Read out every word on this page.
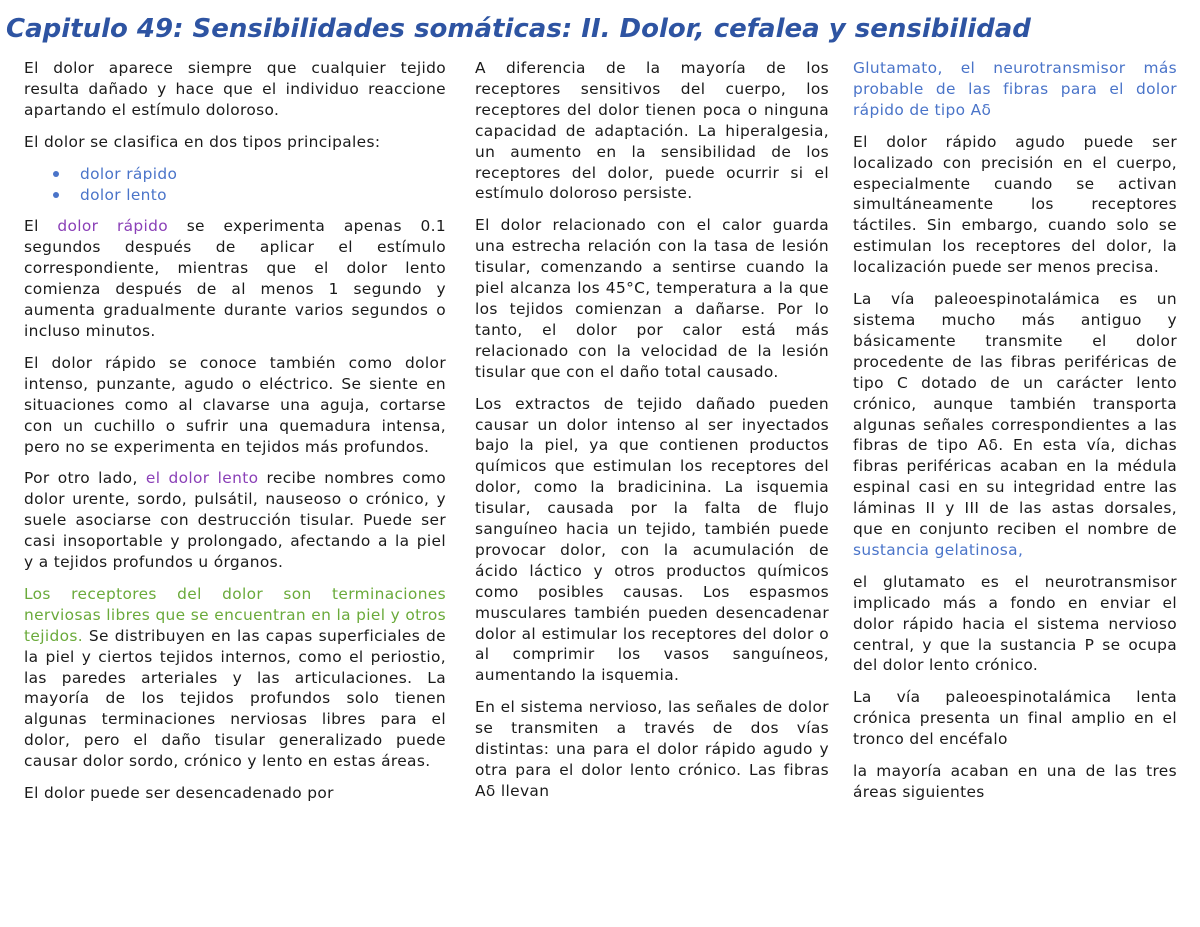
Capitulo 49: Sensibilidades somáticas: II. Dolor, cefalea y sensibilidad

El dolor aparece siempre que cualquier tejido resulta dañado y hace que el individuo reaccione apartando el estímulo doloroso.

El dolor se clasifica en dos tipos principales:

dolor rápido
dolor lento

El dolor rápido se experimenta apenas 0.1 segundos después de aplicar el estímulo correspondiente, mientras que el dolor lento comienza después de al menos 1 segundo y aumenta gradualmente durante varios segundos o incluso minutos.

El dolor rápido se conoce también como dolor intenso, punzante, agudo o eléctrico. Se siente en situaciones como al clavarse una aguja, cortarse con un cuchillo o sufrir una quemadura intensa, pero no se experimenta en tejidos más profundos.

Por otro lado, el dolor lento recibe nombres como dolor urente, sordo, pulsátil, nauseoso o crónico, y suele asociarse con destrucción tisular. Puede ser casi insoportable y prolongado, afectando a la piel y a tejidos profundos u órganos.

Los receptores del dolor son terminaciones nerviosas libres que se encuentran en la piel y otros tejidos. Se distribuyen en las capas superficiales de la piel y ciertos tejidos internos, como el periostio, las paredes arteriales y las articulaciones. La mayoría de los tejidos profundos solo tienen algunas terminaciones nerviosas libres para el dolor, pero el daño tisular generalizado puede causar dolor sordo, crónico y lento en estas áreas.

El dolor puede ser desencadenado por

A diferencia de la mayoría de los receptores sensitivos del cuerpo, los receptores del dolor tienen poca o ninguna capacidad de adaptación. La hiperalgesia, un aumento en la sensibilidad de los receptores del dolor, puede ocurrir si el estímulo doloroso persiste.

El dolor relacionado con el calor guarda una estrecha relación con la tasa de lesión tisular, comenzando a sentirse cuando la piel alcanza los 45°C, temperatura a la que los tejidos comienzan a dañarse. Por lo tanto, el dolor por calor está más relacionado con la velocidad de la lesión tisular que con el daño total causado.

Los extractos de tejido dañado pueden causar un dolor intenso al ser inyectados bajo la piel, ya que contienen productos químicos que estimulan los receptores del dolor, como la bradicinina. La isquemia tisular, causada por la falta de flujo sanguíneo hacia un tejido, también puede provocar dolor, con la acumulación de ácido láctico y otros productos químicos como posibles causas. Los espasmos musculares también pueden desencadenar dolor al estimular los receptores del dolor o al comprimir los vasos sanguíneos, aumentando la isquemia.

En el sistema nervioso, las señales de dolor se transmiten a través de dos vías distintas: una para el dolor rápido agudo y otra para el dolor lento crónico. Las fibras Aδ llevan

Glutamato, el neurotransmisor más probable de las fibras para el dolor rápido de tipo Aδ

El dolor rápido agudo puede ser localizado con precisión en el cuerpo, especialmente cuando se activan simultáneamente los receptores táctiles. Sin embargo, cuando solo se estimulan los receptores del dolor, la localización puede ser menos precisa.

La vía paleoespinotalámica es un sistema mucho más antiguo y básicamente transmite el dolor procedente de las fibras periféricas de tipo C dotado de un carácter lento crónico, aunque también transporta algunas señales correspondientes a las fibras de tipo Aδ. En esta vía, dichas fibras periféricas acaban en la médula espinal casi en su integridad entre las láminas II y III de las astas dorsales, que en conjunto reciben el nombre de sustancia gelatinosa,

el glutamato es el neurotransmisor implicado más a fondo en enviar el dolor rápido hacia el sistema nervioso central, y que la sustancia P se ocupa del dolor lento crónico.

La vía paleoespinotalámica lenta crónica presenta un final amplio en el tronco del encéfalo

la mayoría acaban en una de las tres áreas siguientes
